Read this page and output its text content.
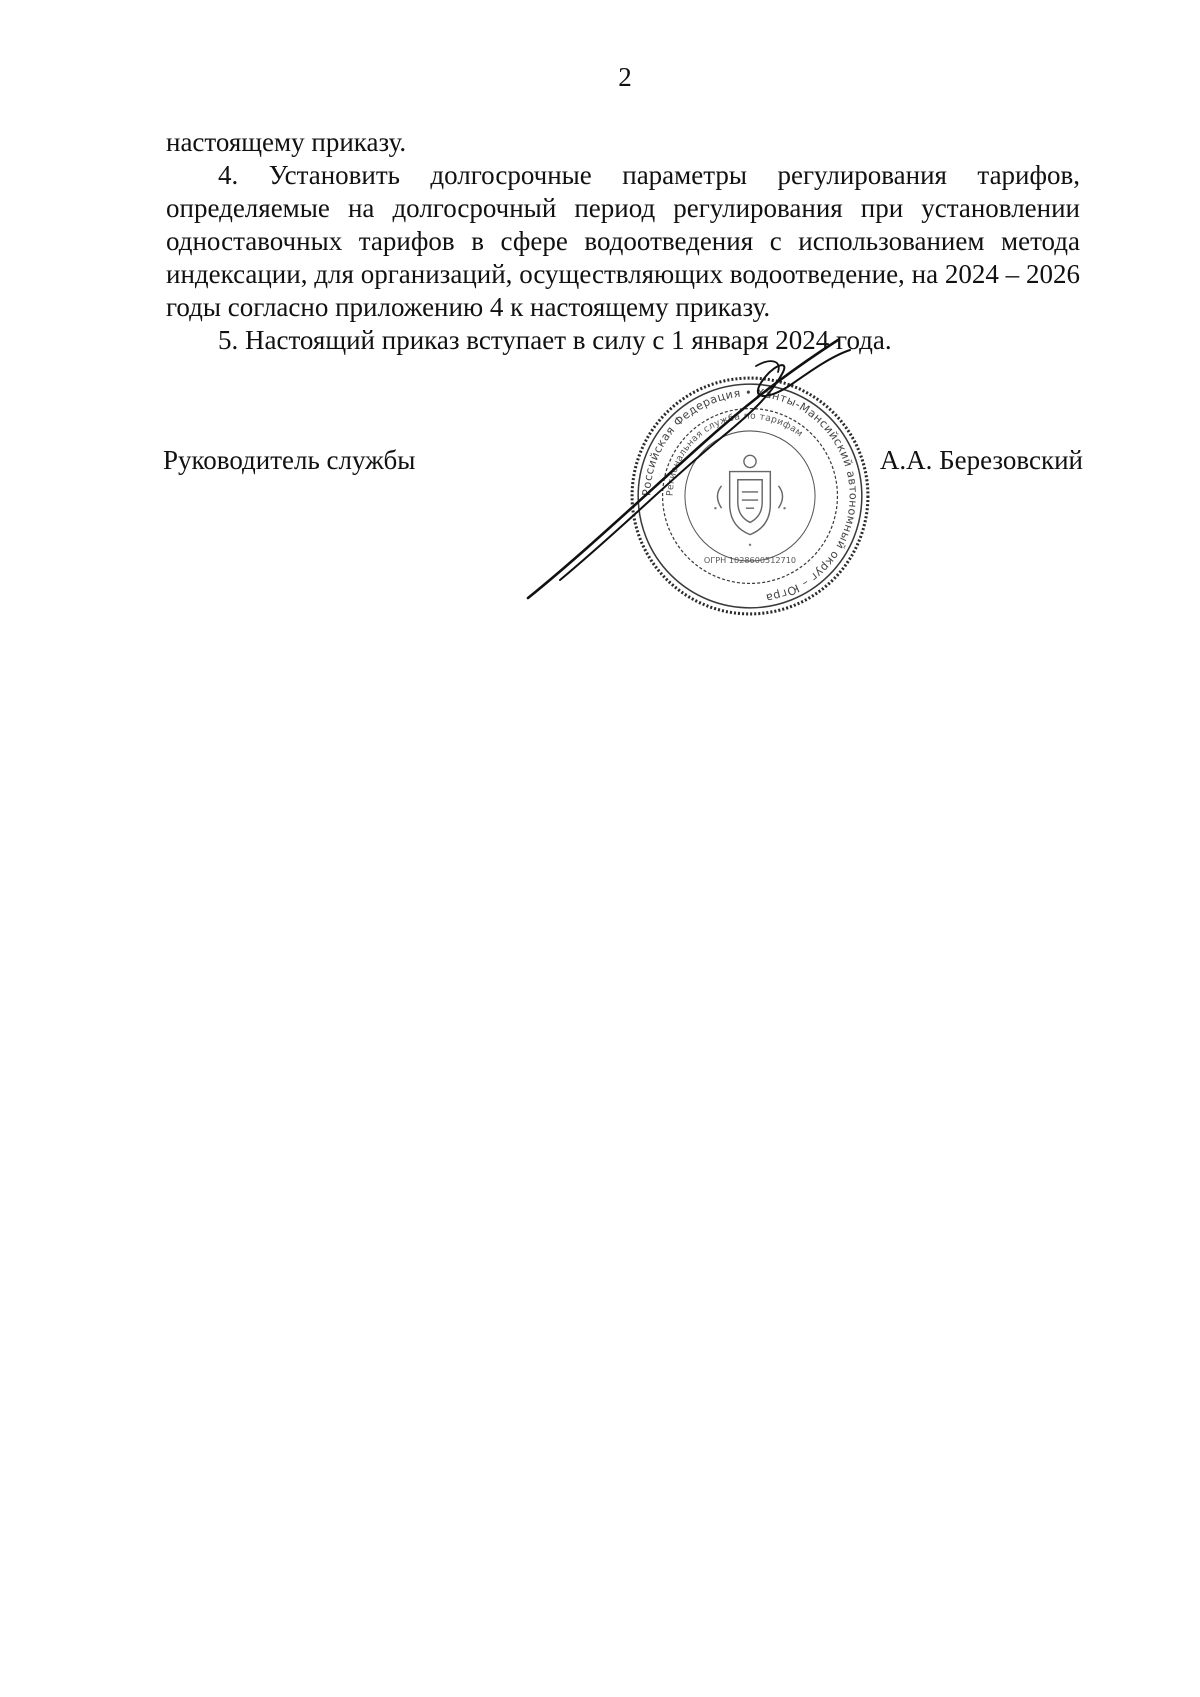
2

настоящему приказу.

4. Установить долгосрочные параметры регулирования тарифов, определяемые на долгосрочный период регулирования при установлении одноставочных тарифов в сфере водоотведения с использованием метода индексации, для организаций, осуществляющих водоотведение, на 2024 – 2026 годы согласно приложению 4 к настоящему приказу.

5. Настоящий приказ вступает в силу с 1 января 2024 года.

Российская Федерация • Ханты-Мансийский автономный округ – Югра
Региональная служба по тарифам
ОГРН 1028600512710
Руководитель службы	А.А. Березовский
